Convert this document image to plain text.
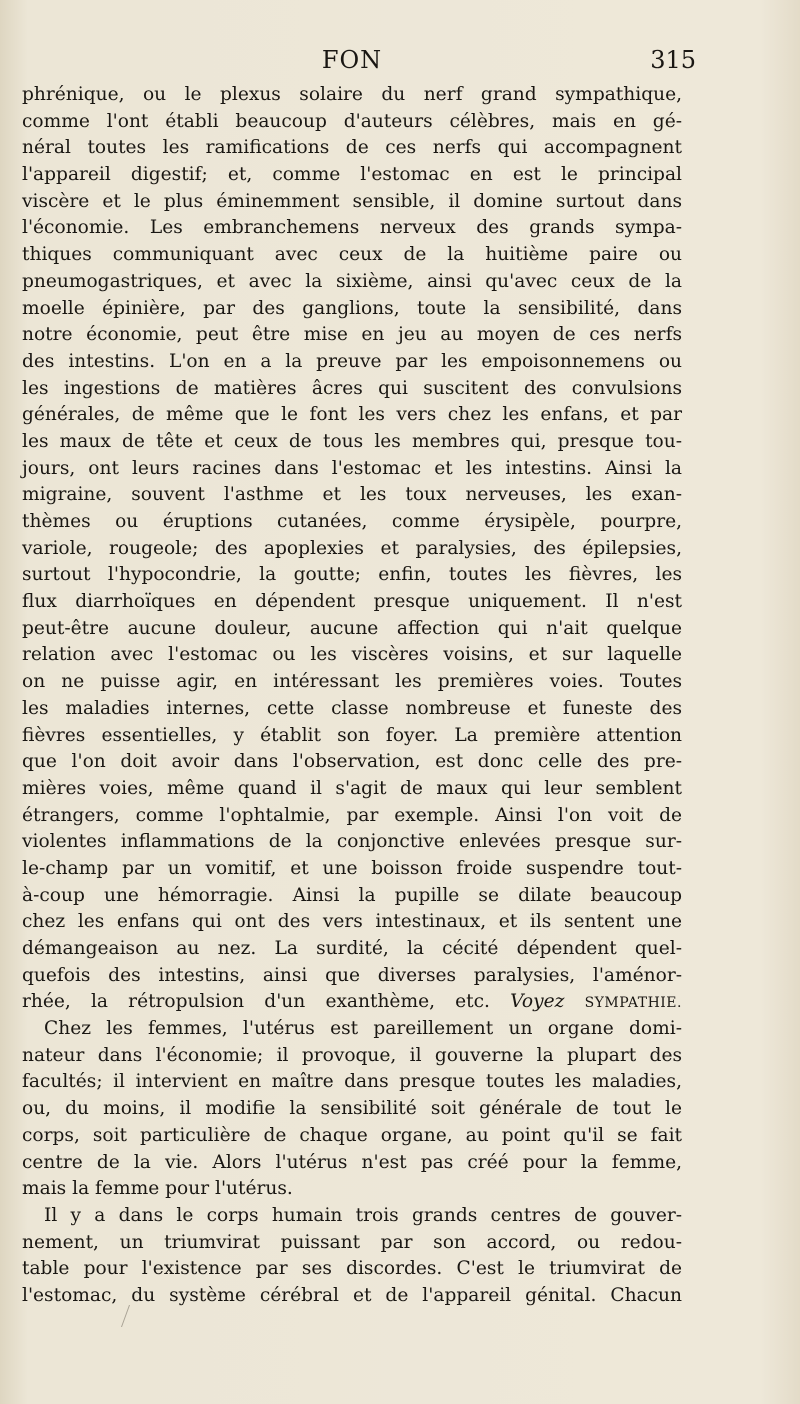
FON	315
phrénique, ou le plexus solaire du nerf grand sympathique,
comme l'ont établi beaucoup d'auteurs célèbres, mais en gé-
néral toutes les ramifications de ces nerfs qui accompagnent
l'appareil digestif; et, comme l'estomac en est le principal
viscère et le plus éminemment sensible, il domine surtout dans
l'économie. Les embranchemens nerveux des grands sympa-
thiques communiquant avec ceux de la huitième paire ou
pneumogastriques, et avec la sixième, ainsi qu'avec ceux de la
moelle épinière, par des ganglions, toute la sensibilité, dans
notre économie, peut être mise en jeu au moyen de ces nerfs
des intestins. L'on en a la preuve par les empoisonnemens ou
les ingestions de matières âcres qui suscitent des convulsions
générales, de même que le font les vers chez les enfans, et par
les maux de tête et ceux de tous les membres qui, presque tou-
jours, ont leurs racines dans l'estomac et les intestins. Ainsi la
migraine, souvent l'asthme et les toux nerveuses, les exan-
thèmes ou éruptions cutanées, comme érysipèle, pourpre,
variole, rougeole; des apoplexies et paralysies, des épilepsies,
surtout l'hypocondrie, la goutte; enfin, toutes les fièvres, les
flux diarrhoïques en dépendent presque uniquement. Il n'est
peut-être aucune douleur, aucune affection qui n'ait quelque
relation avec l'estomac ou les viscères voisins, et sur laquelle
on ne puisse agir, en intéressant les premières voies. Toutes
les maladies internes, cette classe nombreuse et funeste des
fièvres essentielles, y établit son foyer. La première attention
que l'on doit avoir dans l'observation, est donc celle des pre-
mières voies, même quand il s'agit de maux qui leur semblent
étrangers, comme l'ophtalmie, par exemple. Ainsi l'on voit de
violentes inflammations de la conjonctive enlevées presque sur-
le-champ par un vomitif, et une boisson froide suspendre tout-
à-coup une hémorragie. Ainsi la pupille se dilate beaucoup
chez les enfans qui ont des vers intestinaux, et ils sentent une
démangeaison au nez. La surdité, la cécité dépendent quel-
quefois des intestins, ainsi que diverses paralysies, l'aménor-
rhée, la rétropulsion d'un exanthème, etc. Voyez SYMPATHIE.
Chez les femmes, l'utérus est pareillement un organe domi-
nateur dans l'économie; il provoque, il gouverne la plupart des
facultés; il intervient en maître dans presque toutes les maladies,
ou, du moins, il modifie la sensibilité soit générale de tout le
corps, soit particulière de chaque organe, au point qu'il se fait
centre de la vie. Alors l'utérus n'est pas créé pour la femme,
mais la femme pour l'utérus.
Il y a dans le corps humain trois grands centres de gouver-
nement, un triumvirat puissant par son accord, ou redou-
table pour l'existence par ses discordes. C'est le triumvirat de
l'estomac, du système cérébral et de l'appareil génital. Chacun
